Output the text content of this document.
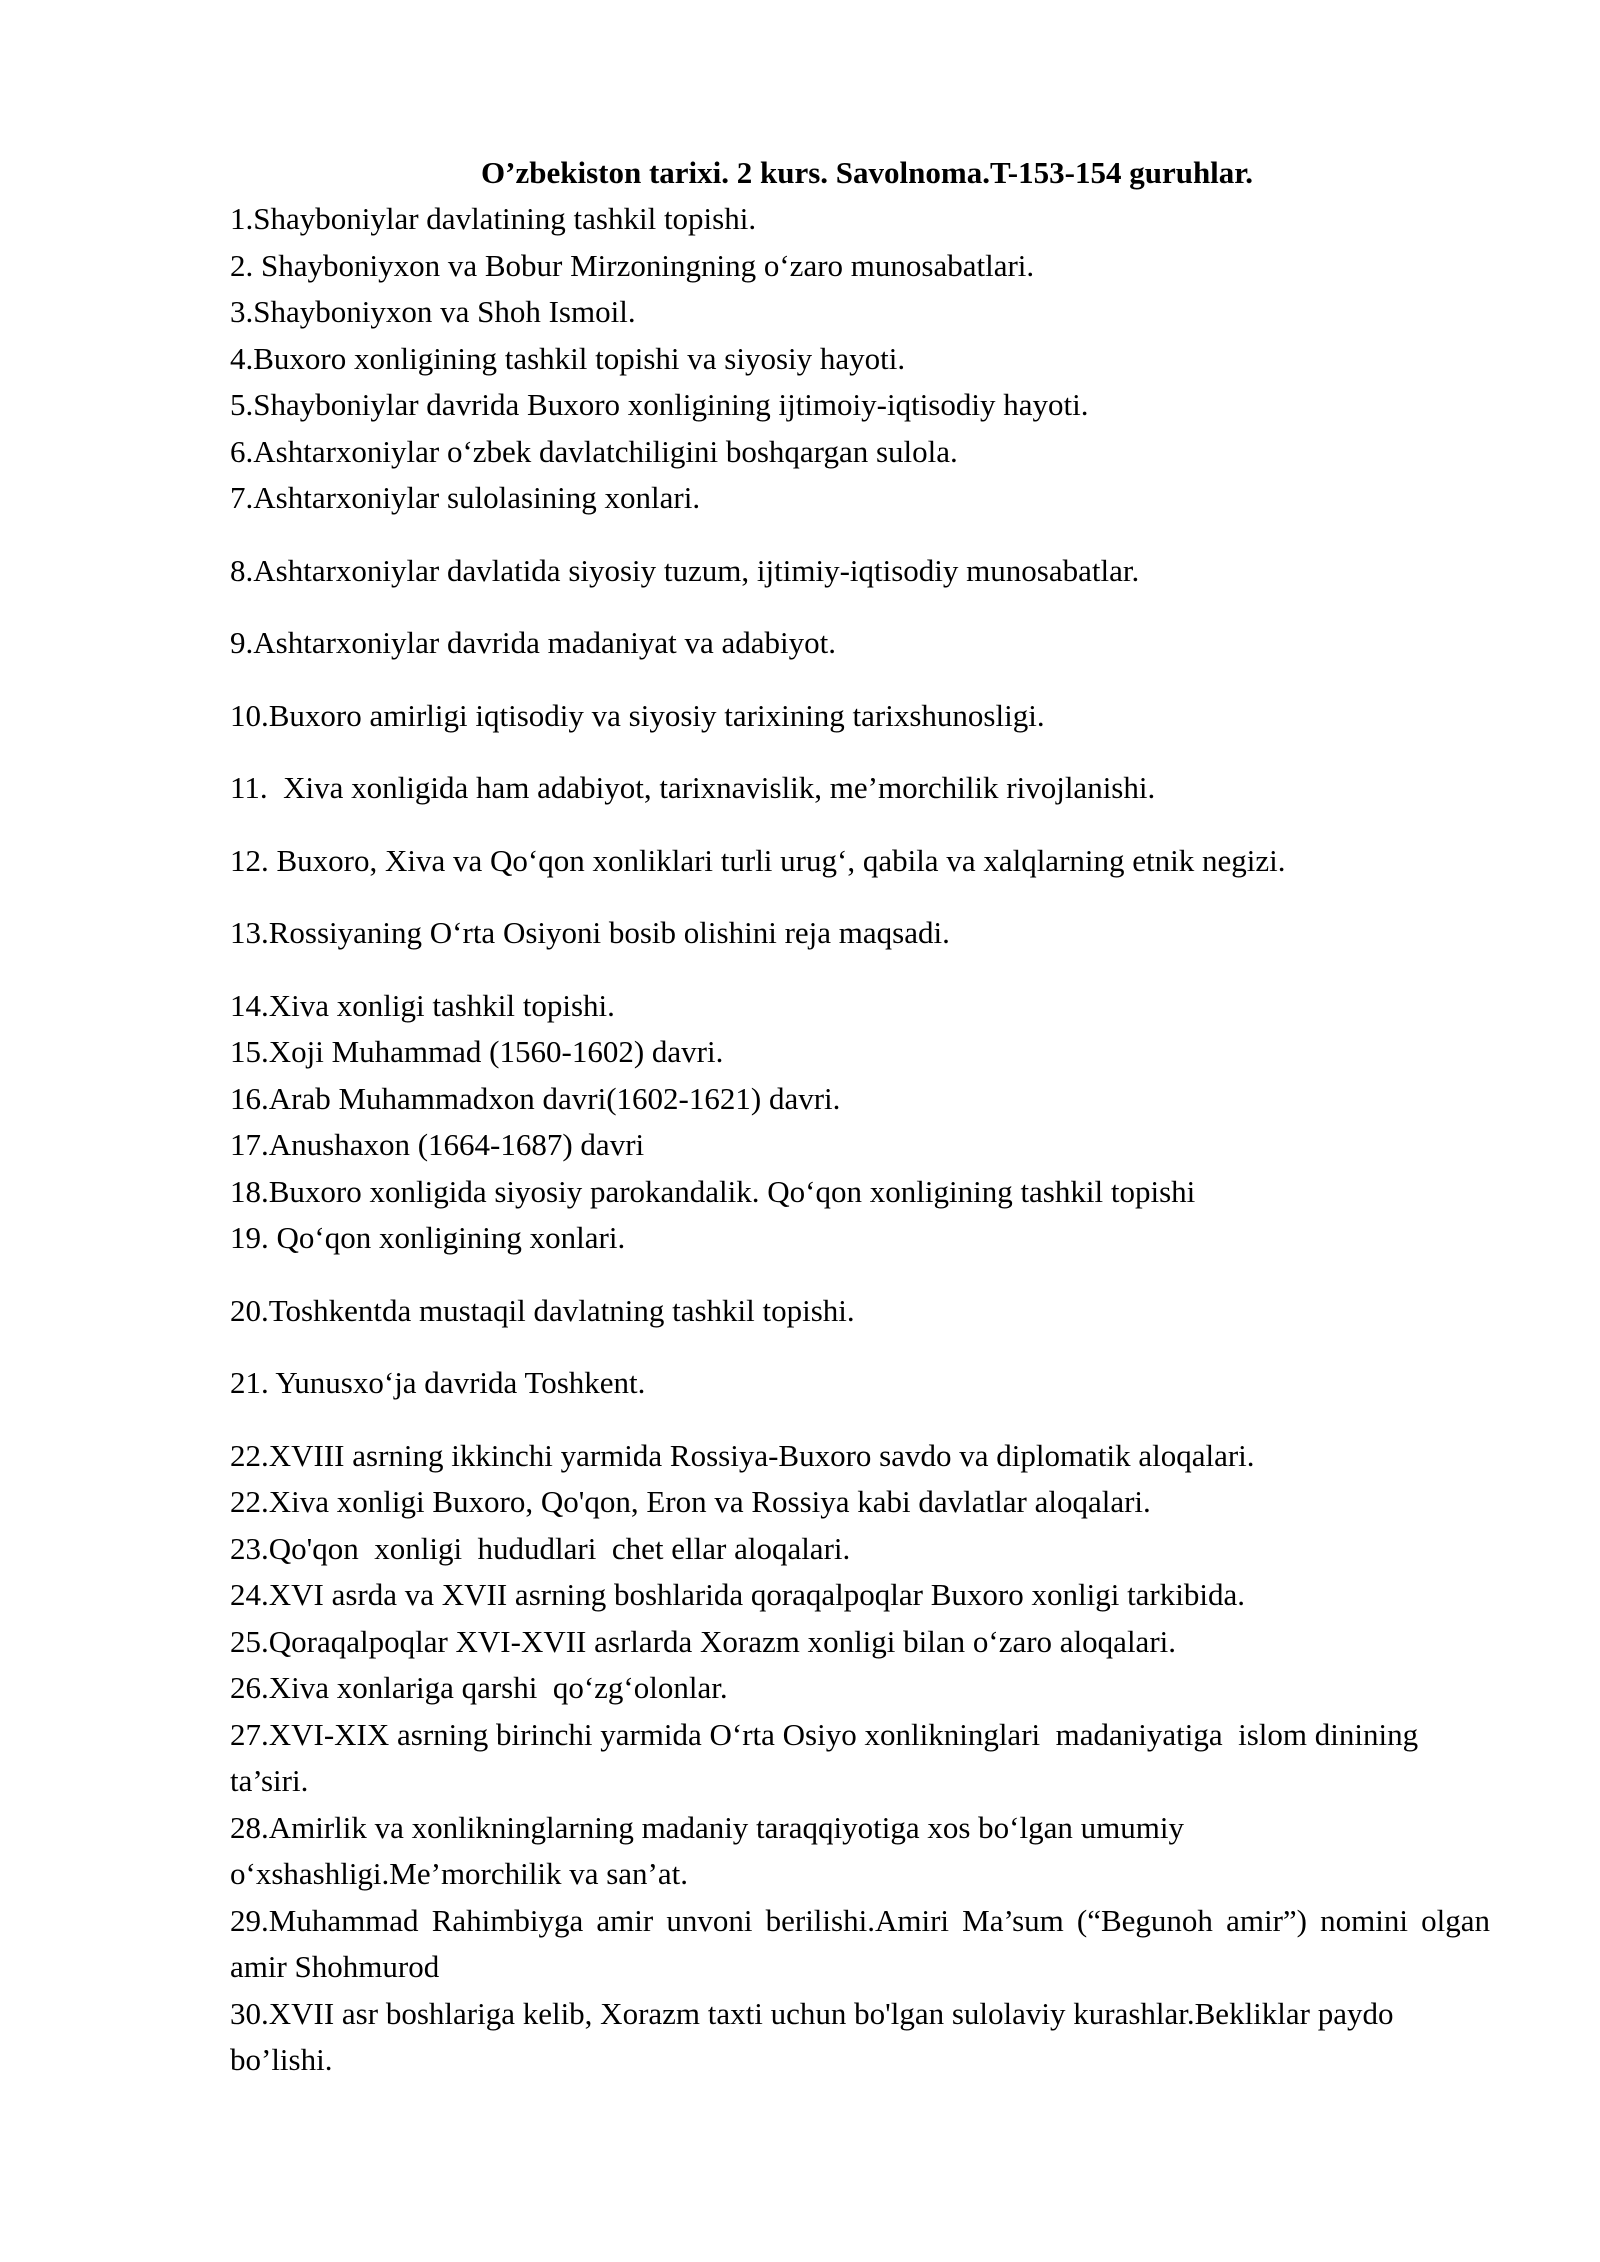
O’zbekiston tarixi. 2 kurs. Savolnoma.T-153-154 guruhlar.

1.Shayboniylar davlatining tashkil topishi.

2. Shayboniyxon va Bobur Mirzoningning o‘zaro munosabatlari.

3.Shayboniyxon va Shoh Ismoil.

4.Buxoro xonligining tashkil topishi va siyosiy hayoti.

5.Shayboniylar davrida Buxoro xonligining ijtimoiy-iqtisodiy hayoti.

6.Ashtarxoniylar o‘zbek davlatchiligini boshqargan sulola.

7.Ashtarxoniylar sulolasining xonlari.

8.Ashtarxoniylar davlatida siyosiy tuzum, ijtimiy-iqtisodiy munosabatlar.

9.Ashtarxoniylar davrida madaniyat va adabiyot.

10.Buxoro amirligi iqtisodiy va siyosiy tarixining tarixshunosligi.

11.  Xiva xonligida ham adabiyot, tarixnavislik, me’morchilik rivojlanishi.

12. Buxoro, Xiva va Qo‘qon xonliklari turli urug‘, qabila va xalqlarning etnik negizi.

13.Rossiyaning O‘rta Osiyoni bosib olishini reja maqsadi.

14.Xiva xonligi tashkil topishi.

15.Xoji Muhammad (1560-1602) davri.

16.Arab Muhammadxon davri(1602-1621) davri.

17.Anushaxon (1664-1687) davri

18.Buxoro xonligida siyosiy parokandalik. Qo‘qon xonligining tashkil topishi

19. Qo‘qon xonligining xonlari.

20.Toshkentda mustaqil davlatning tashkil topishi.

21. Yunusxo‘ja davrida Toshkent.

22.XVIII asrning ikkinchi yarmida Rossiya-Buxoro savdo va diplomatik aloqalari.

22.Xiva xonligi Buxoro, Qo'qon, Eron va Rossiya kabi davlatlar aloqalari.

23.Qo'qon  xonligi  hududlari  chet ellar aloqalari.

24.XVI asrda va XVII asrning boshlarida qoraqalpoqlar Buxoro xonligi tarkibida.

25.Qoraqalpoqlar XVI-XVII asrlarda Xorazm xonligi bilan o‘zaro aloqalari.

26.Xiva xonlariga qarshi  qo‘zg‘olonlar.

27.XVI-XIX asrning birinchi yarmida O‘rta Osiyo xonlikninglari  madaniyatiga  islom dinining  ta’siri.

28.Amirlik va xonlikninglarning madaniy taraqqiyotiga xos bo‘lgan umumiy o‘xshashligi.Me’morchilik va san’at.

29.Muhammad Rahimbiyga amir unvoni berilishi.Amiri Ma’sum (“Begunoh amir”) nomini olgan amir Shohmurod

30.XVII asr boshlariga kelib, Xorazm taxti uchun bo'lgan sulolaviy kurashlar.Bekliklar paydo bo’lishi.
